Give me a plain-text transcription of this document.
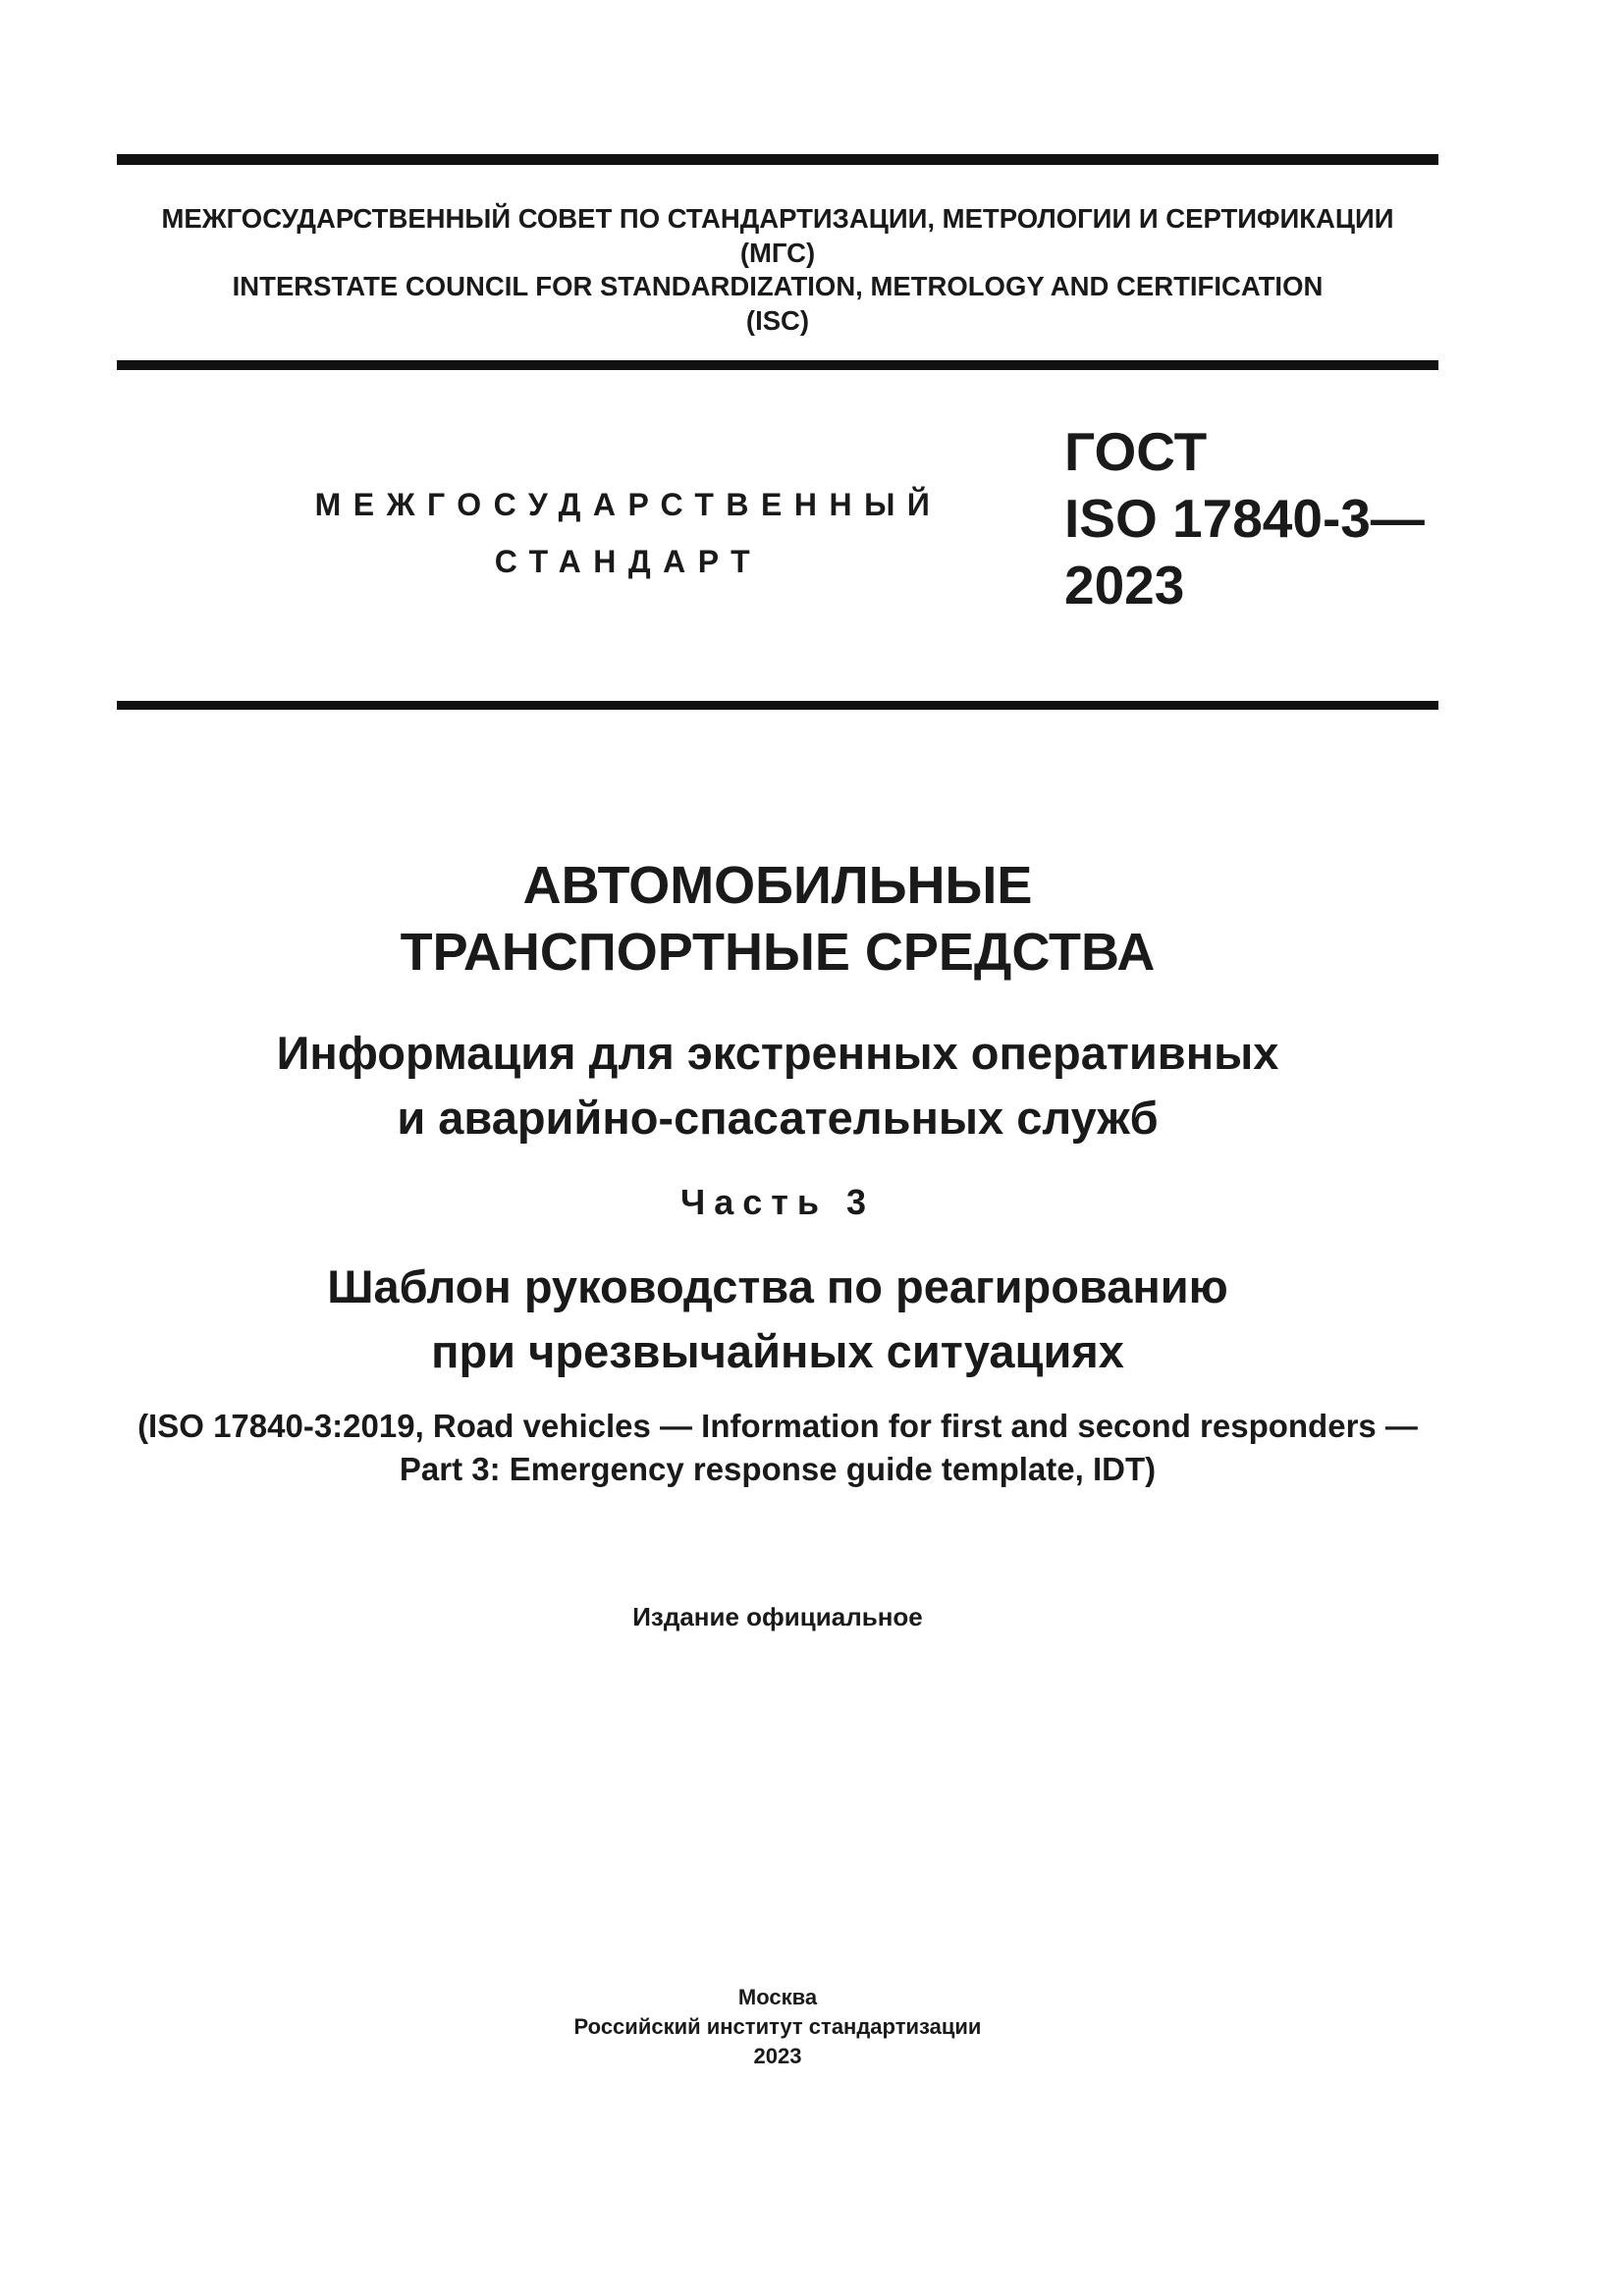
МЕЖГОСУДАРСТВЕННЫЙ СОВЕТ ПО СТАНДАРТИЗАЦИИ, МЕТРОЛОГИИ И СЕРТИФИКАЦИИ
(МГС)
INTERSTATE COUNCIL FOR STANDARDIZATION, METROLOGY AND CERTIFICATION
(ISC)
МЕЖГОСУДАРСТВЕННЫЙ
СТАНДАРТ
ГОСТ
ISO 17840-3—
2023
АВТОМОБИЛЬНЫЕ
ТРАНСПОРТНЫЕ СРЕДСТВА
Информация для экстренных оперативных
и аварийно-спасательных служб
Часть 3
Шаблон руководства по реагированию
при чрезвычайных ситуациях
(ISO 17840-3:2019, Road vehicles — Information for first and second responders —
Part 3: Emergency response guide template, IDT)
Издание официальное
Москва
Российский институт стандартизации
2023
